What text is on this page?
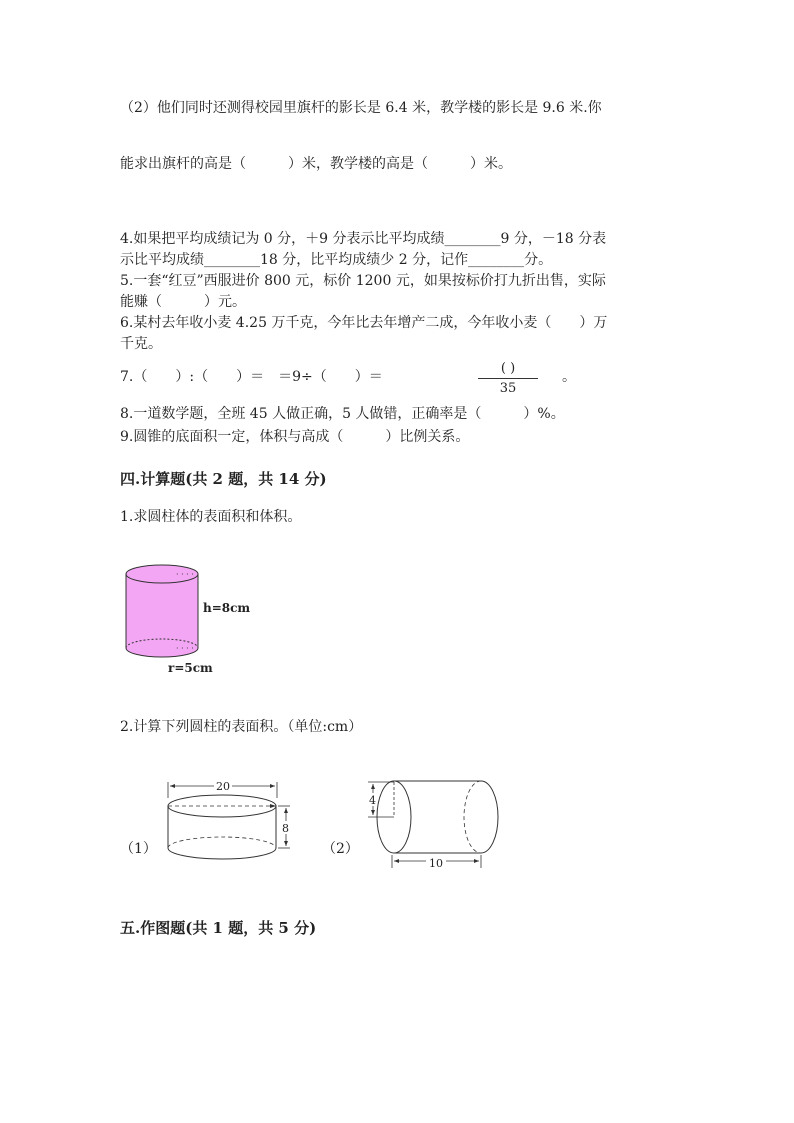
（2）他们同时还测得校园里旗杆的影长是 6.4 米，教学楼的影长是 9.6 米.你
能求出旗杆的高是（　　　）米，教学楼的高是（　　　）米。
4.如果把平均成绩记为 0 分，＋9 分表示比平均成绩________9 分，－18 分表
示比平均成绩________18 分，比平均成绩少 2 分，记作________分。
5.一套“红豆”西服进价 800 元，标价 1200 元，如果按标价打九折出售，实际
能赚（　　　）元。
6.某村去年收小麦 4.25 万千克，今年比去年增产二成，今年收小麦（　　）万
千克。
7.（　　）:（　　）＝　＝9÷（　　）＝
( )
35
。
8.一道数学题，全班 45 人做正确，5 人做错，正确率是（　　　）%。
9.圆锥的底面积一定，体积与高成（　　　）比例关系。
四.计算题(共 2 题，共 14 分)
1.求圆柱体的表面积和体积。
· · · ·
· · · ·
h=8cm
r=5cm
2.计算下列圆柱的表面积。（单位:cm）
（1）	（2）
20
8
4
10
五.作图题(共 1 题，共 5 分)
